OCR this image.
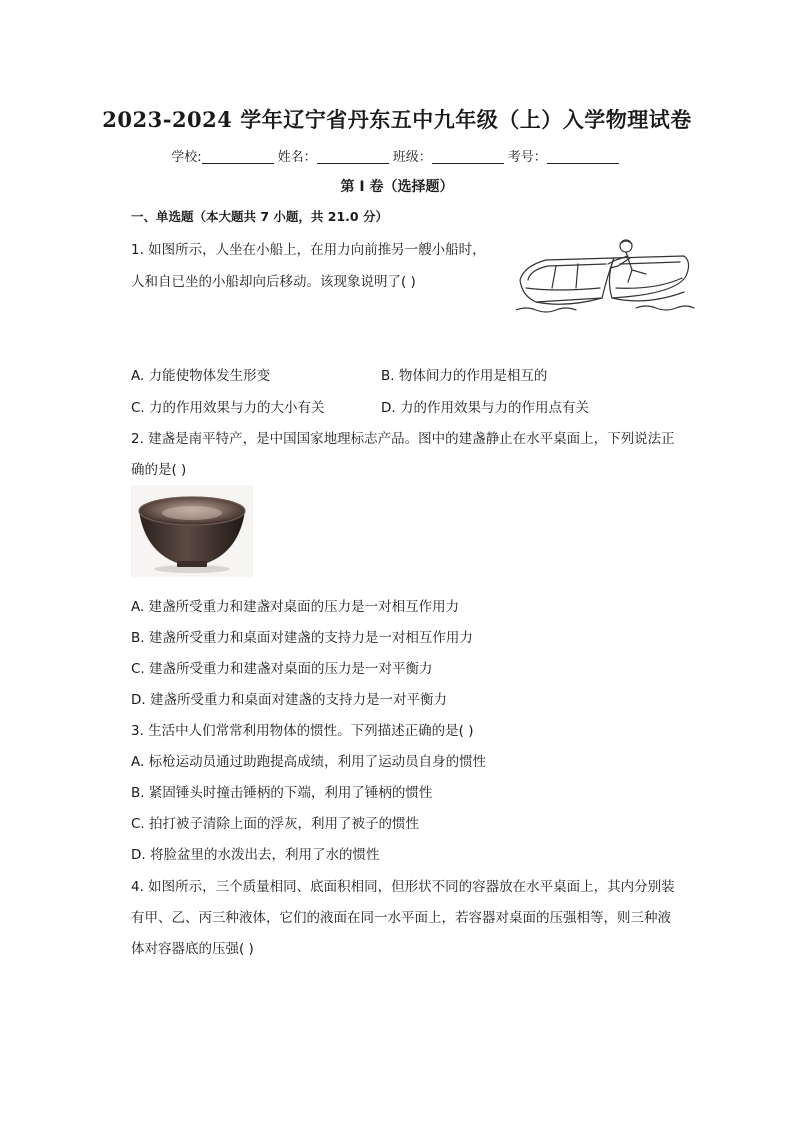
2023-2024 学年辽宁省丹东五中九年级（上）入学物理试卷
学校:	姓名：	班级：	考号：
第 I 卷（选择题）
一、单选题（本大题共 7 小题，共 21.0 分）
1. 如图所示，人坐在小船上，在用力向前推另一艘小船时，
人和自已坐的小船却向后移动。该现象说明了( )
A. 力能使物体发生形变	B. 物体间力的作用是相互的
C. 力的作用效果与力的大小有关	D. 力的作用效果与力的作用点有关
2. 建盏是南平特产，是中国国家地理标志产品。图中的建盏静止在水平桌面上，下列说法正
确的是( )
A. 建盏所受重力和建盏对桌面的压力是一对相互作用力
B. 建盏所受重力和桌面对建盏的支持力是一对相互作用力
C. 建盏所受重力和建盏对桌面的压力是一对平衡力
D. 建盏所受重力和桌面对建盏的支持力是一对平衡力
3. 生活中人们常常利用物体的惯性。下列描述正确的是( )
A. 标枪运动员通过助跑提高成绩，利用了运动员自身的惯性
B. 紧固锤头时撞击锤柄的下端，利用了锤柄的惯性
C. 拍打被子清除上面的浮灰，利用了被子的惯性
D. 将脸盆里的水泼出去，利用了水的惯性
4. 如图所示，三个质量相同、底面积相同，但形状不同的容器放在水平桌面上，其内分别装
有甲、乙、丙三种液体，它们的液面在同一水平面上，若容器对桌面的压强相等，则三种液
体对容器底的压强( )
